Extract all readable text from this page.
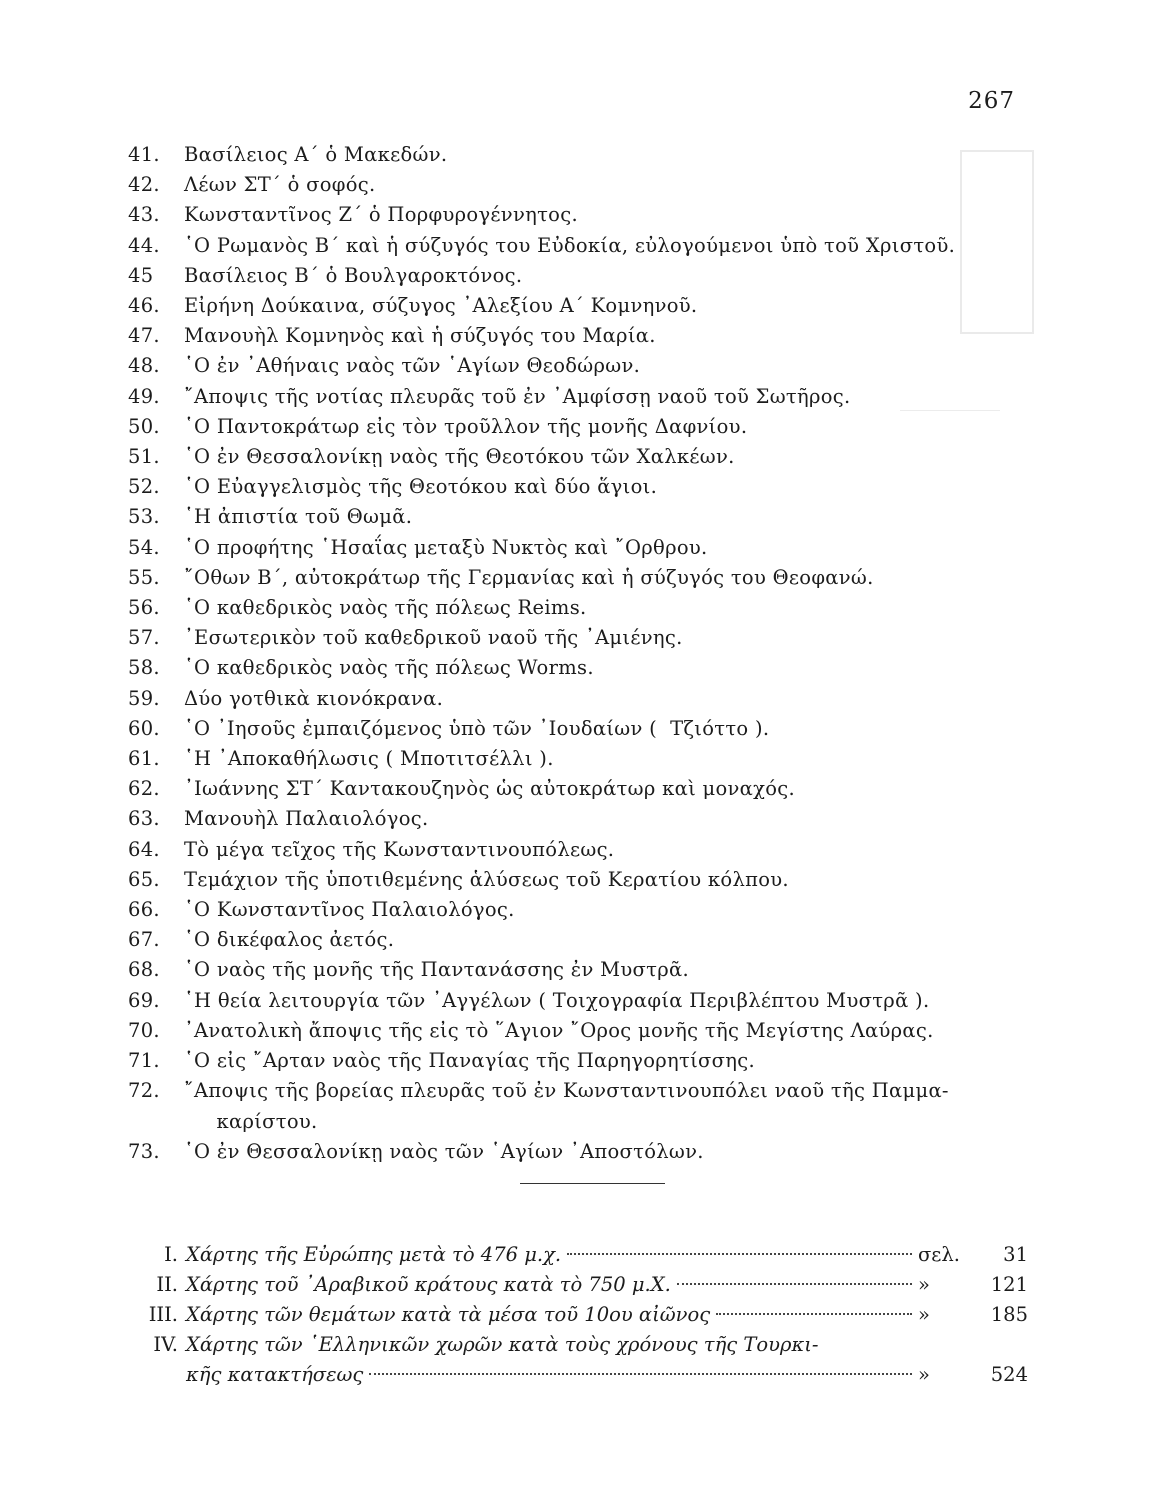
267
41.	Βασίλειος Α΄ ὁ Μακεδών.
42.	Λέων ΣΤ΄ ὁ σοφός.
43.	Κωνσταντῖνος Ζ΄ ὁ Πορφυρογέννητος.
44.	῾Ο Ρωμανὸς Β΄ καὶ ἡ σύζυγός του Εὐδοκία, εὐλογούμενοι ὑπὸ τοῦ Χριστοῦ.
45	Βασίλειος Β΄ ὁ Βουλγαροκτόνος.
46.	Εἰρήνη Δούκαινα, σύζυγος ᾿Αλεξίου Α΄ Κομνηνοῦ.
47.	Μανουὴλ Κομνηνὸς καὶ ἡ σύζυγός του Μαρία.
48.	῾Ο ἐν ᾿Αθήναις ναὸς τῶν ῾Αγίων Θεοδώρων.
49.	῎Αποψις τῆς νοτίας πλευρᾶς τοῦ ἐν ᾿Αμφίσσῃ ναοῦ τοῦ Σωτῆρος.
50.	῾Ο Παντοκράτωρ εἰς τὸν τροῦλλον τῆς μονῆς Δαφνίου.
51.	῾Ο ἐν Θεσσαλονίκῃ ναὸς τῆς Θεοτόκου τῶν Χαλκέων.
52.	῾Ο Εὐαγγελισμὸς τῆς Θεοτόκου καὶ δύο ἅγιοι.
53.	῾Η ἀπιστία τοῦ Θωμᾶ.
54.	῾Ο προφήτης ῾Ησαΐας μεταξὺ Νυκτὸς καὶ ῎Ορθρου.
55.	῎Οθων Β΄, αὐτοκράτωρ τῆς Γερμανίας καὶ ἡ σύζυγός του Θεοφανώ.
56.	῾Ο καθεδρικὸς ναὸς τῆς πόλεως Reims.
57.	᾿Εσωτερικὸν τοῦ καθεδρικοῦ ναοῦ τῆς ᾿Αμιένης.
58.	῾Ο καθεδρικὸς ναὸς τῆς πόλεως Worms.
59.	Δύο γοτθικὰ κιονόκρανα.
60.	῾Ο ᾿Ιησοῦς ἐμπαιζόμενος ὑπὸ τῶν ᾿Ιουδαίων (  Τζιόττο ).
61.	῾Η ᾿Αποκαθήλωσις ( Μποτιτσέλλι ).
62.	᾿Ιωάννης ΣΤ΄ Καντακουζηνὸς ὡς αὐτοκράτωρ καὶ μοναχός.
63.	Μανουὴλ Παλαιολόγος.
64.	Τὸ μέγα τεῖχος τῆς Κωνσταντινουπόλεως.
65.	Τεμάχιον τῆς ὑποτιθεμένης ἁλύσεως τοῦ Κερατίου κόλπου.
66.	῾Ο Κωνσταντῖνος Παλαιολόγος.
67.	῾Ο δικέφαλος ἀετός.
68.	῾Ο ναὸς τῆς μονῆς τῆς Παντανάσσης ἐν Μυστρᾶ.
69.	῾Η θεία λειτουργία τῶν ᾿Αγγέλων ( Τοιχογραφία Περιβλέπτου Μυστρᾶ ).
70.	᾿Ανατολικὴ ἄποψις τῆς εἰς τὸ ῞Αγιον ῎Ορος μονῆς τῆς Μεγίστης Λαύρας.
71.	῾Ο εἰς ῎Αρταν ναὸς τῆς Παναγίας τῆς Παρηγορητίσσης.
72.	῎Αποψις τῆς βορείας πλευρᾶς τοῦ ἐν Κωνσταντινουπόλει ναοῦ τῆς Παμμα-
καρίστου.
73.	῾Ο ἐν Θεσσαλονίκῃ ναὸς τῶν ῾Αγίων ᾿Αποστόλων.
I. Χάρτης τῆς Εὐρώπης μετὰ τὸ 476 μ.χ.	σελ. 31
II. Χάρτης τοῦ ᾿Αραβικοῦ κράτους κατὰ τὸ 750 μ.Χ.	»	121
III. Χάρτης τῶν θεμάτων κατὰ τὰ μέσα τοῦ 10ου αἰῶνος	»	185
IV. Χάρτης τῶν ῾Ελληνικῶν χωρῶν κατὰ τοὺς χρόνους τῆς Τουρκι-
κῆς κατακτήσεως	»	524
